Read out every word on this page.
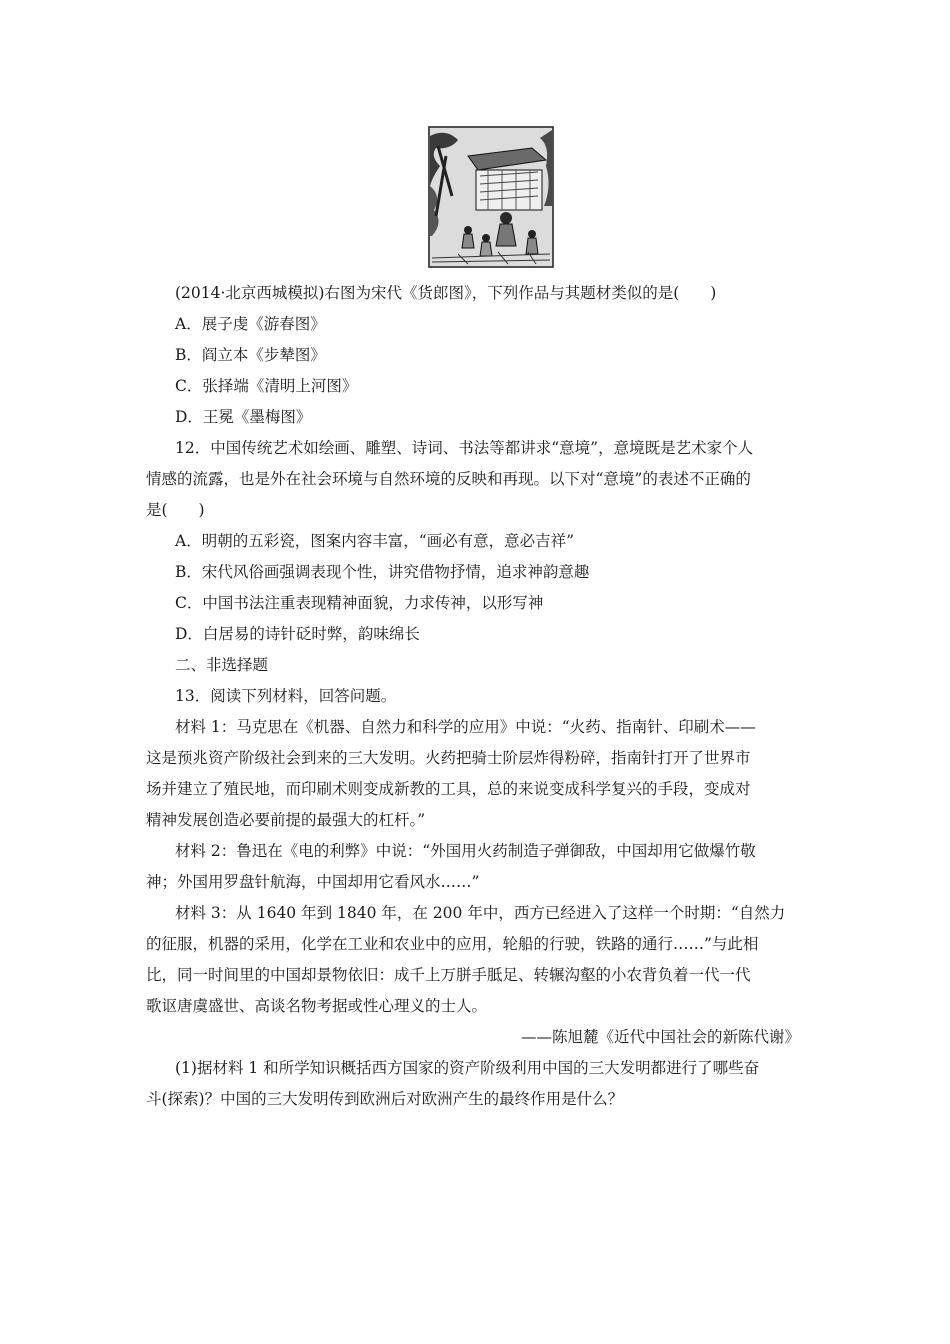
(2014·北京西城模拟)右图为宋代《货郎图》，下列作品与其题材类似的是(　　)
A．展子虔《游春图》
B．阎立本《步辇图》
C．张择端《清明上河图》
D．王冕《墨梅图》
12．中国传统艺术如绘画、雕塑、诗词、书法等都讲求“意境”，意境既是艺术家个人
情感的流露，也是外在社会环境与自然环境的反映和再现。以下对“意境”的表述不正确的
是(　　)
A．明朝的五彩瓷，图案内容丰富，“画必有意，意必吉祥”
B．宋代风俗画强调表现个性，讲究借物抒情，追求神韵意趣
C．中国书法注重表现精神面貌，力求传神，以形写神
D．白居易的诗针砭时弊，韵味绵长
二、非选择题
13．阅读下列材料，回答问题。
材料 1：马克思在《机器、自然力和科学的应用》中说：“火药、指南针、印刷术——
这是预兆资产阶级社会到来的三大发明。火药把骑士阶层炸得粉碎，指南针打开了世界市
场并建立了殖民地，而印刷术则变成新教的工具，总的来说变成科学复兴的手段，变成对
精神发展创造必要前提的最强大的杠杆。”
材料 2：鲁迅在《电的利弊》中说：“外国用火药制造子弹御敌，中国却用它做爆竹敬
神；外国用罗盘针航海，中国却用它看风水……”
材料 3：从 1640 年到 1840 年，在 200 年中，西方已经进入了这样一个时期：“自然力
的征服，机器的采用，化学在工业和农业中的应用，轮船的行驶，铁路的通行……”与此相
比，同一时间里的中国却景物依旧：成千上万胼手胝足、转辗沟壑的小农背负着一代一代
歌讴唐虞盛世、高谈名物考据或性心理义的士人。
——陈旭麓《近代中国社会的新陈代谢》
(1)据材料 1 和所学知识概括西方国家的资产阶级利用中国的三大发明都进行了哪些奋
斗(探索)？中国的三大发明传到欧洲后对欧洲产生的最终作用是什么？
